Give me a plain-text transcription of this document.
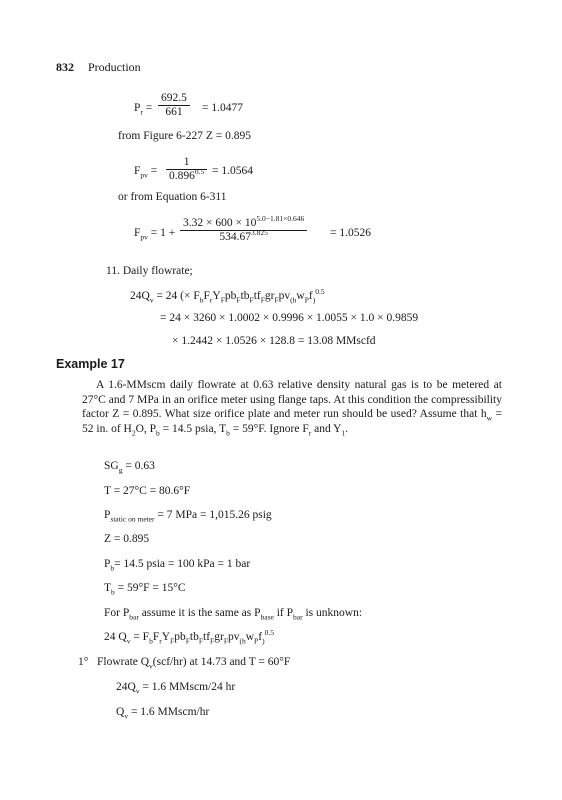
832 Production
$P_r = \frac{692.5}{661} = 1.0477$
from Figure 6-227 Z = 0.895
$F_{pv} = \frac{1}{0.896^{0.5}} = 1.0564$
or from Equation 6-311
$F_{pv} = 1 + \frac{3.32 \times 600 \times 10^{5.0-1.81\times 0.646}}{534.67^{3.825}} = 1.0526$
11. Daily flowrate;
$24Q_v = 24$ (× $F_bF_rY_Fpb_Ftb_Ftf_Fgr_Fpv_{(h}w_Pf_)^{0.5}$
= 24 × 3260 × 1.0002 × 0.9996 × 1.0055 × 1.0 × 0.9859
× 1.2442 × 1.0526 × 128.8 = 13.08 MMscfd
Example 17
A 1.6-MMscm daily flowrate at 0.63 relative density natural gas is to be metered at 27°C and 7 MPa in an orifice meter using flange taps. At this condition the compressibility factor Z = 0.895. What size orifice plate and meter run should be used? Assume that $h_w = 52$ in. of $H_2O$, $P_b = 14.5$ psia, $T_b = 59^\circ F$. Ignore $F_r$ and $Y_1$.
$SG_g = 0.63$
T = 27°C = 80.6°F
$P_{static on meter} = 7$ MPa = 1,015.26 psig
Z = 0.895
$P_b= 14.5$ psia = 100 kPa = 1 bar
$T_b = 59^\circ F = 15^\circ C$
For $P_{bar}$ assume it is the same as $P_{base}$ if $P_{bar}$ is unknown:
24 $Q_v = F_bF_rY_Fpb_Ftb_Ftf_Fgr_Fpv_{(h}w_Pf_)^{0.5}$
1° Flowrate $Q_v(scf/hr)$ at 14.73 and T = 60°F
$24Q_v = 1.6$ MMscm/24 hr
$Q_v = 1.6$ MMscm/hr
